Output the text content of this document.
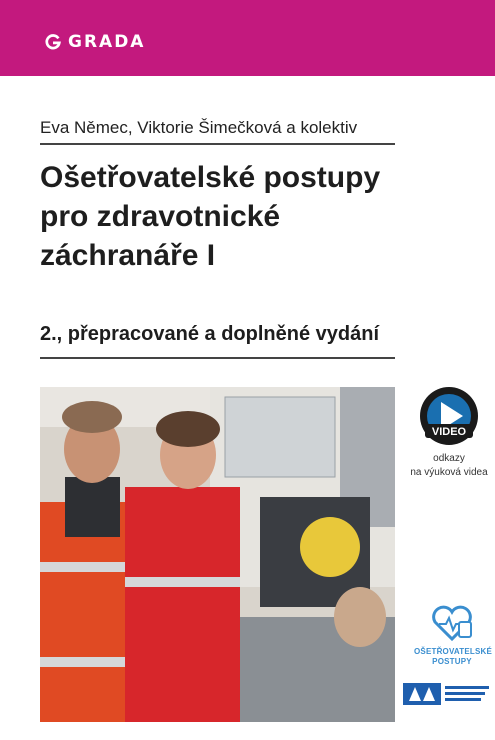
GRADA
Eva Němec, Viktorie Šimečková a kolektiv
Ošetřovatelské postupy
pro zdravotnické
záchranáře I
2., přepracované a doplněné vydání
VIDEO
odkazy
na výuková videa
OŠETŘOVATELSKÉ
POSTUPY
